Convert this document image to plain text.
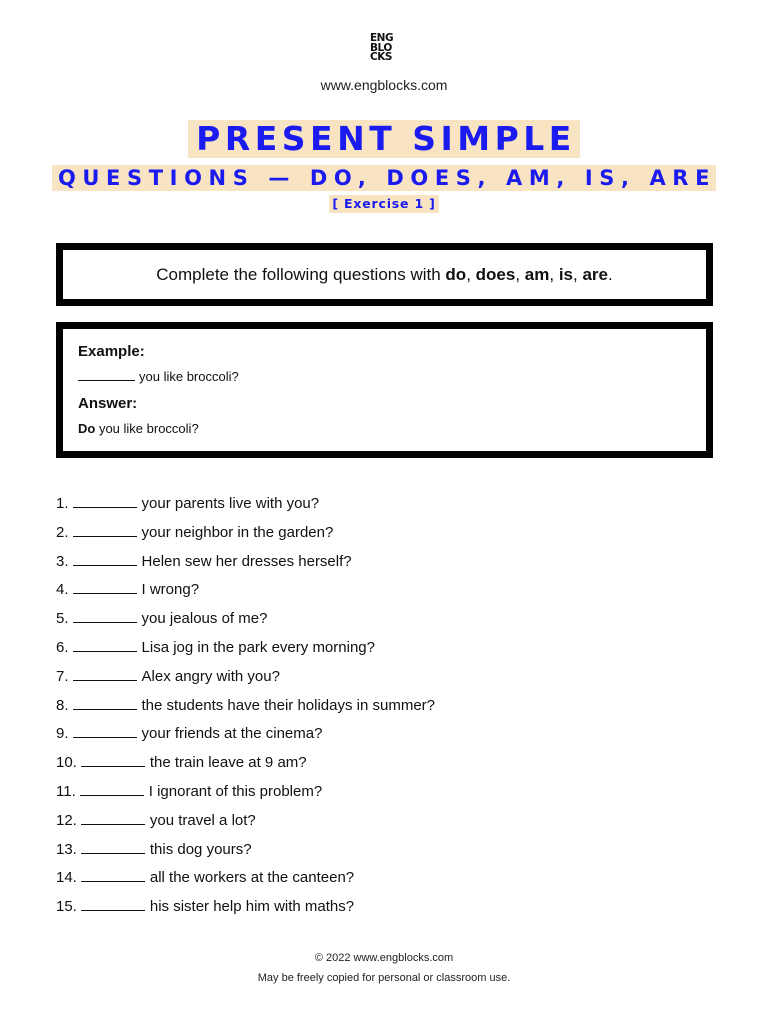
ENG
BLO
CKS
www.engblocks.com
PRESENT SIMPLE
QUESTIONS — DO, DOES, AM, IS, ARE
[ Exercise 1 ]
Complete the following questions with do, does, am, is, are.
Example:
you like broccoli?
Answer:
Do you like broccoli?
1.	your parents live with you?
2.	your neighbor in the garden?
3.	Helen sew her dresses herself?
4.	I wrong?
5.	you jealous of me?
6.	Lisa jog in the park every morning?
7.	Alex angry with you?
8.	the students have their holidays in summer?
9.	your friends at the cinema?
10.	the train leave at 9 am?
11.	I ignorant of this problem?
12.	you travel a lot?
13.	this dog yours?
14.	all the workers at the canteen?
15.	his sister help him with maths?
© 2022 www.engblocks.com
May be freely copied for personal or classroom use.
